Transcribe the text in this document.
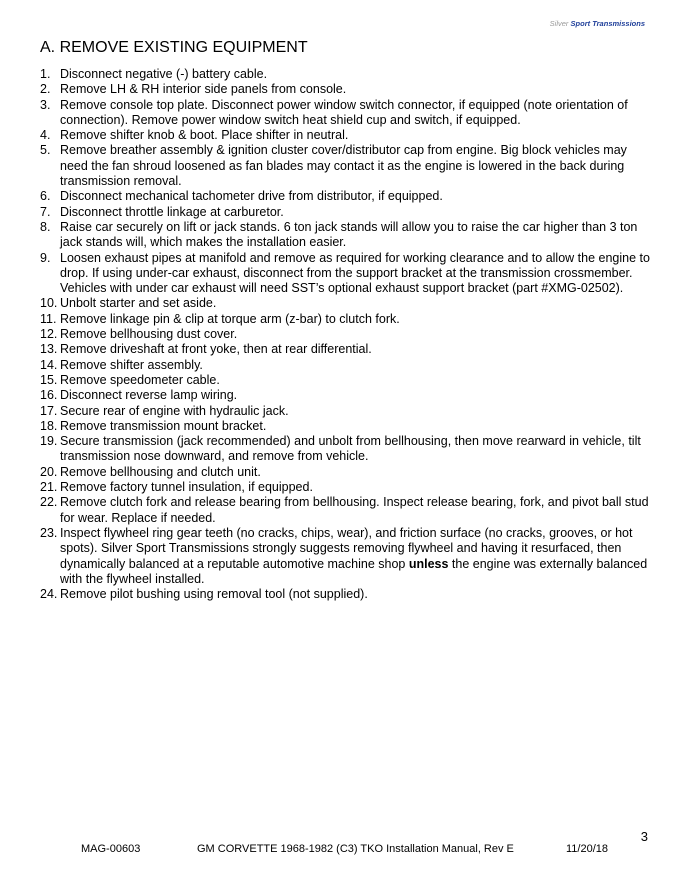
Silver Sport Transmissions
A. REMOVE EXISTING EQUIPMENT
1. Disconnect negative (-) battery cable.
2. Remove LH & RH interior side panels from console.
3. Remove console top plate. Disconnect power window switch connector, if equipped (note orientation of connection). Remove power window switch heat shield cup and switch, if equipped.
4. Remove shifter knob & boot. Place shifter in neutral.
5. Remove breather assembly & ignition cluster cover/distributor cap from engine. Big block vehicles may need the fan shroud loosened as fan blades may contact it as the engine is lowered in the back during transmission removal.
6. Disconnect mechanical tachometer drive from distributor, if equipped.
7. Disconnect throttle linkage at carburetor.
8. Raise car securely on lift or jack stands. 6 ton jack stands will allow you to raise the car higher than 3 ton jack stands will, which makes the installation easier.
9. Loosen exhaust pipes at manifold and remove as required for working clearance and to allow the engine to drop. If using under-car exhaust, disconnect from the support bracket at the transmission crossmember. Vehicles with under car exhaust will need SST’s optional exhaust support bracket (part #XMG-02502).
10. Unbolt starter and set aside.
11. Remove linkage pin & clip at torque arm (z-bar) to clutch fork.
12. Remove bellhousing dust cover.
13. Remove driveshaft at front yoke, then at rear differential.
14. Remove shifter assembly.
15. Remove speedometer cable.
16. Disconnect reverse lamp wiring.
17. Secure rear of engine with hydraulic jack.
18. Remove transmission mount bracket.
19. Secure transmission (jack recommended) and unbolt from bellhousing, then move rearward in vehicle, tilt transmission nose downward, and remove from vehicle.
20. Remove bellhousing and clutch unit.
21. Remove factory tunnel insulation, if equipped.
22. Remove clutch fork and release bearing from bellhousing. Inspect release bearing, fork, and pivot ball stud for wear. Replace if needed.
23. Inspect flywheel ring gear teeth (no cracks, chips, wear), and friction surface (no cracks, grooves, or hot spots). Silver Sport Transmissions strongly suggests removing flywheel and having it resurfaced, then dynamically balanced at a reputable automotive machine shop unless the engine was externally balanced with the flywheel installed.
24. Remove pilot bushing using removal tool (not supplied).
3
MAG-00603	GM CORVETTE 1968-1982 (C3) TKO Installation Manual, Rev E	11/20/18
